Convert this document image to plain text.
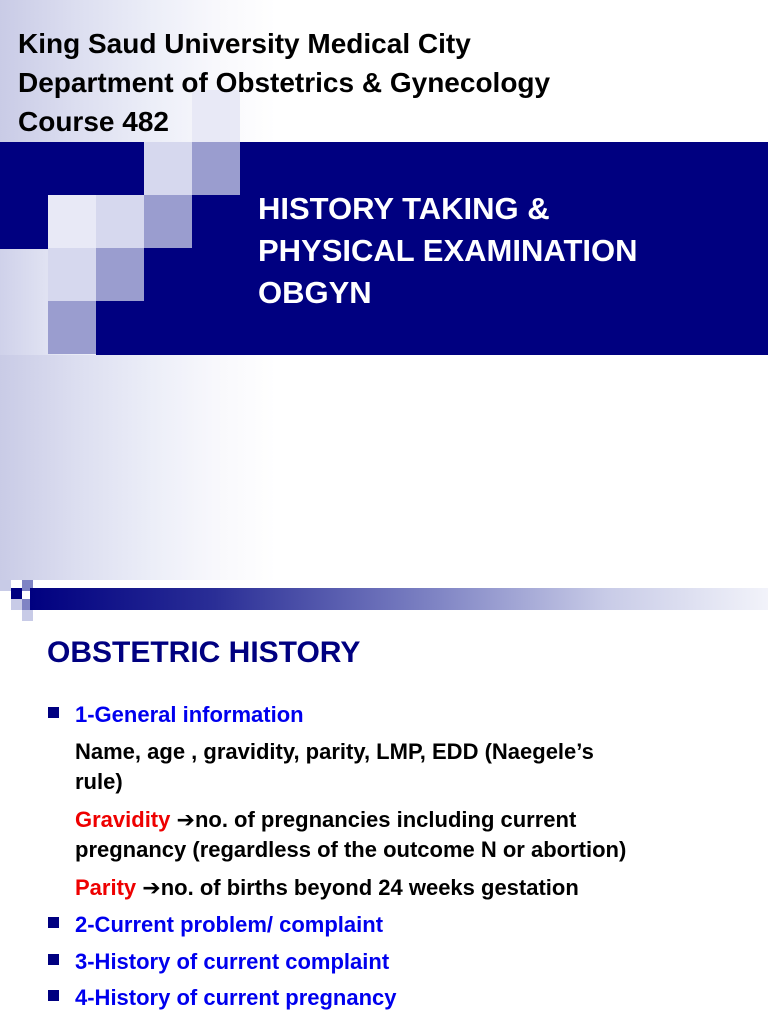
King Saud University Medical City
Department of Obstetrics & Gynecology
Course 482
HISTORY TAKING &
PHYSICAL EXAMINATION
OBGYN
OBSTETRIC HISTORY
1-General information
Name, age , gravidity, parity, LMP, EDD (Naegele’s
rule)
Gravidity ➔no. of pregnancies including current
pregnancy (regardless of the outcome N or abortion)
Parity ➔no. of births beyond 24 weeks gestation
2-Current problem/ complaint
3-History of current complaint
4-History of current pregnancy
